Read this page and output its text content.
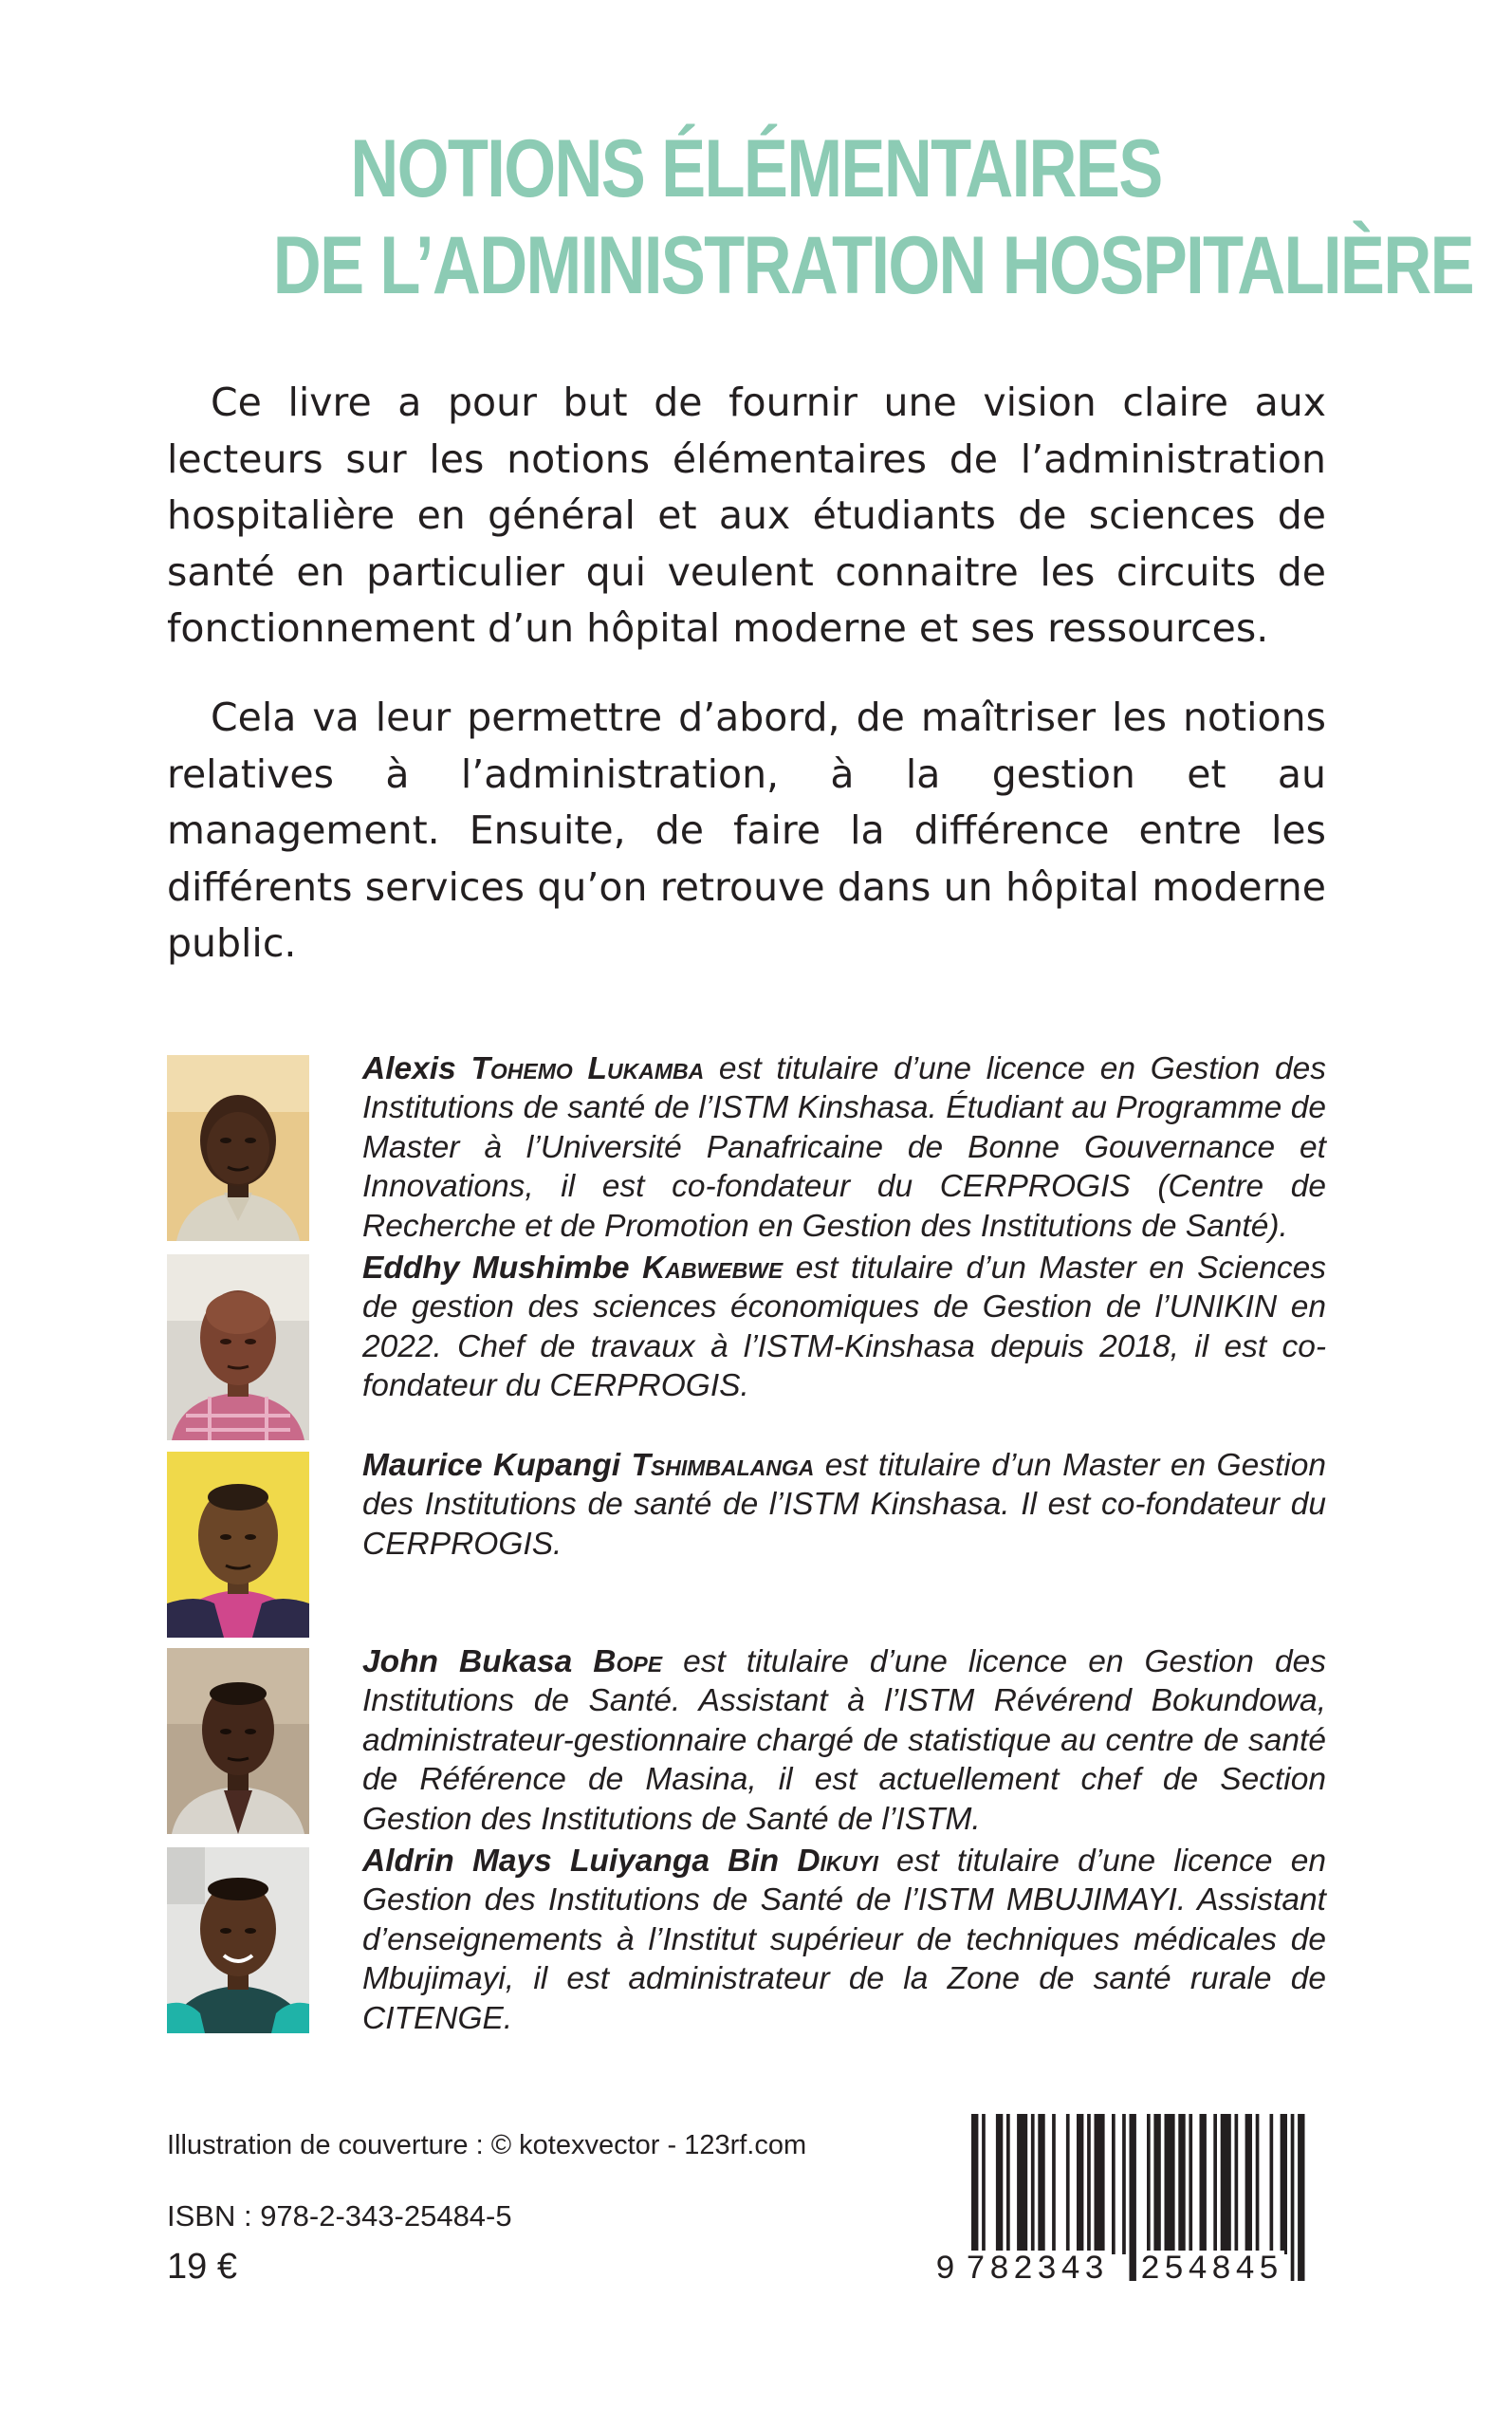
NOTIONS ÉLÉMENTAIRES
DE L’ADMINISTRATION HOSPITALIÈRE

Ce livre a pour but de fournir une vision claire aux lecteurs sur les notions élémentaires de l’administration hospitalière en général et aux étudiants de sciences de santé en particulier qui veulent connaitre les circuits de fonctionnement d’un hôpital moderne et ses ressources.

Cela va leur permettre d’abord, de maîtriser les notions relatives à l’administration, à la gestion et au management. Ensuite, de faire la différence entre les différents services qu’on retrouve dans un hôpital moderne public.

Alexis Tohemo Lukamba est titulaire d’une licence en Gestion des Institutions de santé de l’ISTM Kinshasa. Étudiant au Programme de Master à l’Université Panafricaine de Bonne Gouvernance et Innovations, il est co-fondateur du CERPROGIS (Centre de Recherche et de Promotion en Gestion des Institutions de Santé).
Eddhy Mushimbe Kabwebwe est titulaire d’un Master en Sciences de gestion des sciences économiques de Gestion de l’UNIKIN en 2022. Chef de travaux à l’ISTM-Kinshasa depuis 2018, il est co-fondateur du CERPROGIS.
Maurice Kupangi Tshimbalanga est titulaire d’un Master en Gestion des Institutions de santé de l’ISTM Kinshasa. Il est co-fondateur du CERPROGIS.
John Bukasa Bope est titulaire d’une licence en Gestion des Institutions de Santé. Assistant à l’ISTM Révérend Bokundowa, administrateur-gestionnaire chargé de statistique au centre de santé de Référence de Masina, il est actuellement chef de Section Gestion des Institutions de Santé de l’ISTM.
Aldrin Mays Luiyanga Bin Dikuyi est titulaire d’une licence en Gestion des Institutions de Santé de l’ISTM MBUJIMAYI. Assistant d’enseignements à l’Institut supérieur de techniques médicales de Mbujimayi, il est administrateur de la Zone de santé rurale de CITENGE.
Illustration de couverture : © kotexvector - 123rf.com
ISBN : 978-2-343-25484-5
19 €	9 782343 254845
